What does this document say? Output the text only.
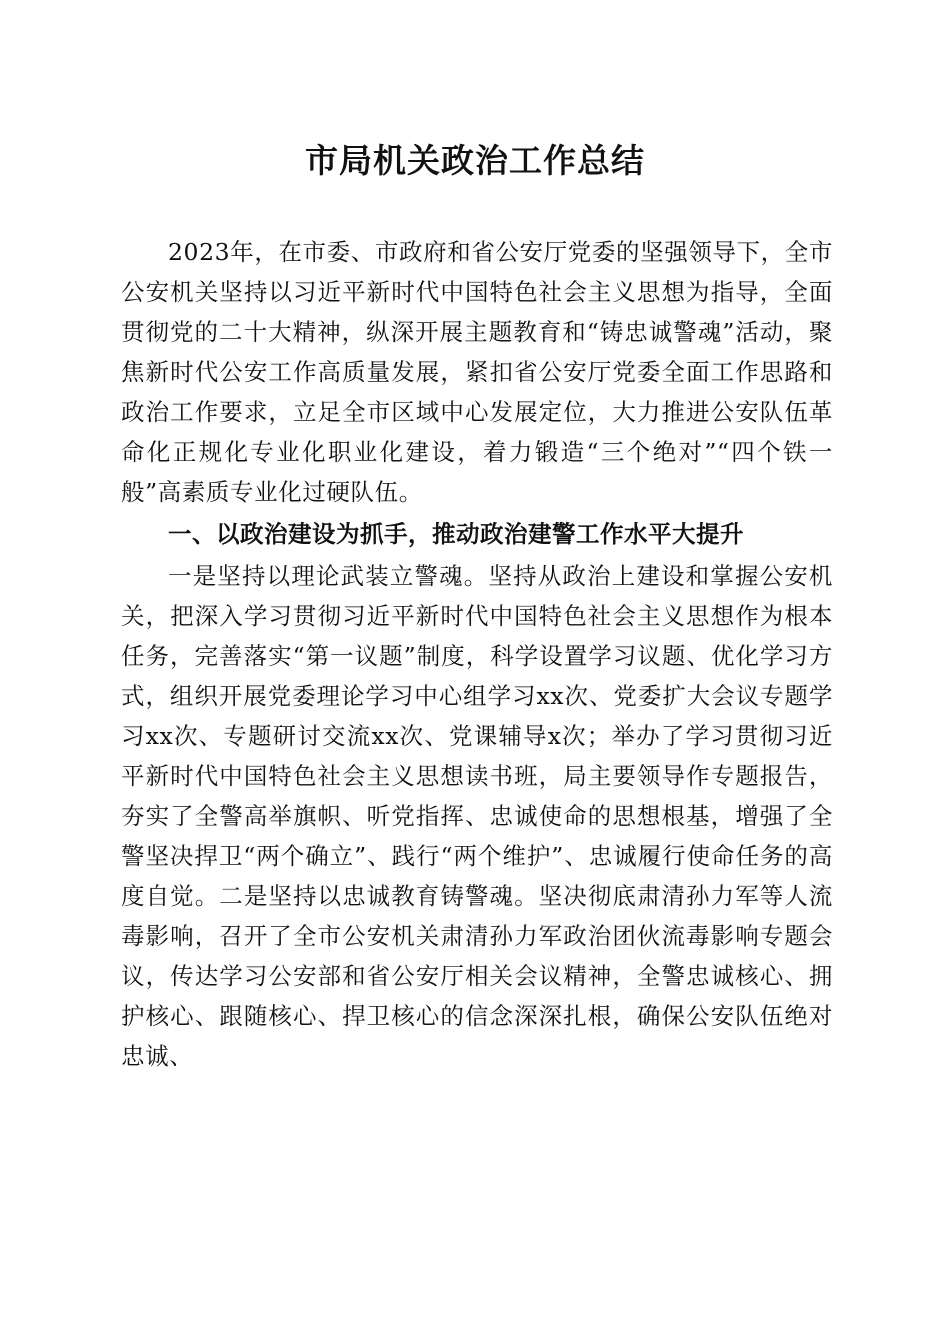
市局机关政治工作总结

2023年，在市委、市政府和省公安厅党委的坚强领导下，全市公安机关坚持以习近平新时代中国特色社会主义思想为指导，全面贯彻党的二十大精神，纵深开展主题教育和“铸忠诚警魂”活动，聚焦新时代公安工作高质量发展，紧扣省公安厅党委全面工作思路和政治工作要求，立足全市区域中心发展定位，大力推进公安队伍革命化正规化专业化职业化建设，着力锻造“三个绝对”“四个铁一般”高素质专业化过硬队伍。

一、以政治建设为抓手，推动政治建警工作水平大提升

一是坚持以理论武装立警魂。坚持从政治上建设和掌握公安机关，把深入学习贯彻习近平新时代中国特色社会主义思想作为根本任务，完善落实“第一议题”制度，科学设置学习议题、优化学习方式，组织开展党委理论学习中心组学习xx次、党委扩大会议专题学习xx次、专题研讨交流xx次、党课辅导x次；举办了学习贯彻习近平新时代中国特色社会主义思想读书班，局主要领导作专题报告，夯实了全警高举旗帜、听党指挥、忠诚使命的思想根基，增强了全警坚决捍卫“两个确立”、践行“两个维护”、忠诚履行使命任务的高度自觉。二是坚持以忠诚教育铸警魂。坚决彻底肃清孙力军等人流毒影响，召开了全市公安机关肃清孙力军政治团伙流毒影响专题会议，传达学习公安部和省公安厅相关会议精神，全警忠诚核心、拥护核心、跟随核心、捍卫核心的信念深深扎根，确保公安队伍绝对忠诚、
